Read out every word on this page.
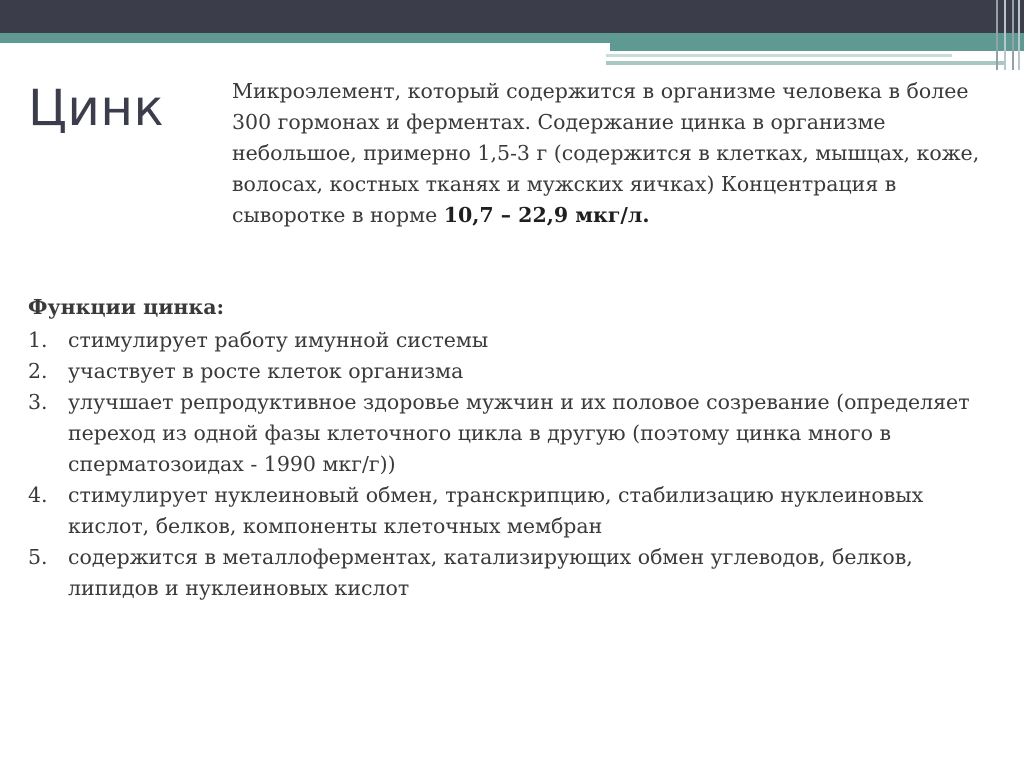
Цинк	Микроэлемент, который содержится в организме человека в более 300 гормонах и ферментах. Содержание цинка в организме небольшое, примерно 1,5-3 г (содержится в клетках, мышцах, коже, волосах, костных тканях и мужских яичках) Концентрация в сыворотке в норме 10,7 – 22,9 мкг/л.

Функции цинка:

1. стимулирует работу имунной системы
2. участвует в росте клеток организма
3. улучшает репродуктивное здоровье мужчин и их половое созревание (определяет переход из одной фазы клеточного цикла в другую (поэтому цинка много в сперматозоидах - 1990 мкг/г))
4. стимулирует нуклеиновый обмен, транскрипцию, стабилизацию нуклеиновых кислот, белков, компоненты клеточных мембран
5. содержится в металлоферментах, катализирующих обмен углеводов, белков, липидов и нуклеиновых кислот
